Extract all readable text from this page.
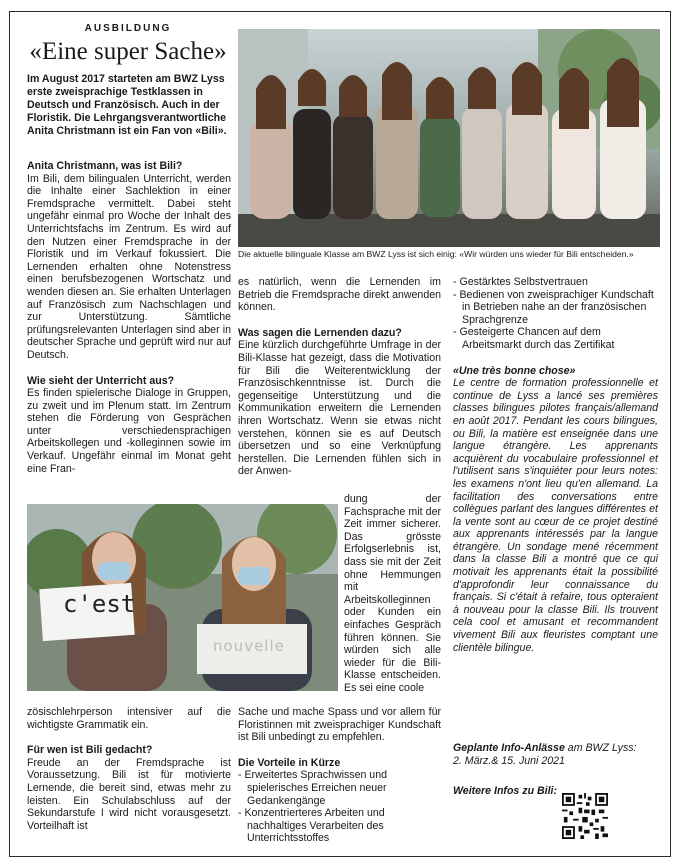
AUSBILDUNG
«Eine super Sache»
Im August 2017 starteten am BWZ Lyss erste zweisprachige Testklassen in Deutsch und Französisch. Auch in der Floristik. Die Lehrgangsverantwortliche Anita Christmann ist ein Fan von «Bili».
Anita Christmann, was ist Bili?

Im Bili, dem bilingualen Unterricht, werden die Inhalte einer Sachlektion in einer Fremdsprache vermittelt. Dabei steht ungefähr einmal pro Woche der Inhalt des Unterrichtsfachs im Zentrum. Es wird auf den Nutzen einer Fremdsprache in der Floristik und im Verkauf fokussiert. Die Lernenden erhalten ohne Notenstress einen berufsbezogenen Wortschatz und wenden diesen an. Sie erhalten Unterlagen auf Französisch zum Nachschlagen und zur Unterstützung. Sämtliche prüfungsrelevanten Unterlagen sind aber in deutscher Sprache und geprüft wird nur auf Deutsch.

Wie sieht der Unterricht aus?

Es finden spielerische Dialoge in Gruppen, zu zweit und im Plenum statt. Im Zentrum stehen die Förderung von Gesprächen unter verschiedensprachigen Arbeitskollegen und -kolleginnen sowie im Verkauf. Ungefähr einmal im Monat geht eine Fran-

Die aktuelle bilinguale Klasse am BWZ Lyss ist sich einig: «Wir würden uns wieder für Bili entscheiden.»

es natürlich, wenn die Lernenden im Betrieb die Fremdsprache direkt anwenden können.

Was sagen die Lernenden dazu?

Eine kürzlich durchgeführte Umfrage in der Bili-Klasse hat gezeigt, dass die Motivation für Bili die Weiterentwicklung der Französischkenntnisse ist. Durch die gegenseitige Unterstützung und die Kommunikation erweitern die Lernenden ihren Wortschatz. Wenn sie etwas nicht verstehen, können sie es auf Deutsch übersetzen und so eine Verknüpfung herstellen. Die Lernenden fühlen sich in der Anwen-

c'est
nouvelle

dung der Fachsprache mit der Zeit immer sicherer. Das grösste Erfolgserlebnis ist, dass sie mit der Zeit ohne Hemmungen mit Arbeitskolleginnen oder Kunden ein einfaches Gespräch führen können. Sie würden sich alle wieder für die Bili-Klasse entscheiden. Es sei eine coole

zösischlehrperson intensiver auf die wichtigste Grammatik ein.

Für wen ist Bili gedacht?

Freude an der Fremdsprache ist Voraussetzung. Bili ist für motivierte Lernende, die bereit sind, etwas mehr zu leisten. Ein Schulabschluss auf der Sekundarstufe I wird nicht vorausgesetzt. Vorteilhaft ist

Sache und mache Spass und vor allem für Floristinnen mit zweisprachiger Kundschaft ist Bili unbedingt zu empfehlen.

Die Vorteile in Kürze
- Erweitertes Sprachwissen und spielerisches Erreichen neuer Gedankengänge
- Konzentrierteres Arbeiten und nachhaltiges Verarbeiten des Unterrichtsstoffes
- Gestärktes Selbstvertrauen
- Bedienen von zweisprachiger Kundschaft in Betrieben nahe an der französischen Sprachgrenze
- Gesteigerte Chancen auf dem Arbeitsmarkt durch das Zertifikat
«Une très bonne chose»

Le centre de formation professionnelle et continue de Lyss a lancé ses premières classes bilingues pilotes français/allemand en août 2017. Pendant les cours bilingues, ou Bili, la matière est enseignée dans une langue étrangère. Les apprenants acquièrent du vocabulaire professionnel et l'utilisent sans s'inquiéter pour leurs notes: les examens n'ont lieu qu'en allemand. La facilitation des conversations entre collègues parlant des langues différentes et la vente sont au cœur de ce projet destiné aux apprenants intéressés par la langue étrangère. Un sondage mené récemment dans la classe Bili a montré que ce qui motivait les apprenants était la possibilité d'approfondir leur connaissance du français. Si c'était à refaire, tous opteraient à nouveau pour la classe Bili. Ils trouvent cela cool et amusant et recommandent vivement Bili aux fleuristes comptant une clientèle bilingue.

Geplante Info-Anlässe am BWZ Lyss:

2. März.& 15. Juni 2021

Weitere Infos zu Bili:
